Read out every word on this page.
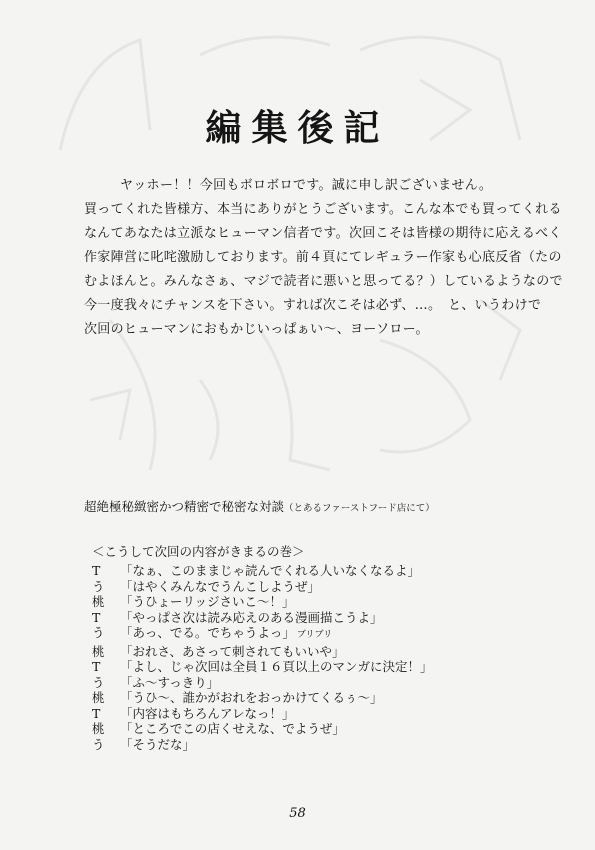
編集後記

ヤッホー！！今回もボロボロです。誠に申し訳ございません。

買ってくれた皆様方、本当にありがとうございます。こんな本でも買ってくれる

なんてあなたは立派なヒューマン信者です。次回こそは皆様の期待に応えるべく

作家陣営に叱咤激励しております。前４頁にてレギュラー作家も心底反省（たの

むよほんと。みんなさぁ、マジで読者に悪いと思ってる？）しているようなので

今一度我々にチャンスを下さい。すれば次こそは必ず、…。　と、いうわけで

次回のヒューマンにおもかじいっぱぁい〜、ヨーソロー。

超絶極秘緻密かつ精密で秘密な対談（とあるファーストフード店にて）
＜こうして次回の内容がきまるの巻＞
T	「なぁ、このままじゃ読んでくれる人いなくなるよ」
う	「はやくみんなでうんこしようぜ」
桃	「うひょーリッジさいこ〜！」
T	「やっぱさ次は読み応えのある漫画描こうよ」
う	「あっ、でる。でちゃうよっ」 ブリブリ
桃	「おれさ、あさって刺されてもいいや」
T	「よし、じゃ次回は全員１６頁以上のマンガに決定！」
う	「ふ〜すっきり」
桃	「うひ〜、誰かがおれをおっかけてくるぅ〜」
T	「内容はもちろんアレなっ！」
桃	「ところでこの店くせえな、でようぜ」
う	「そうだな」
58
